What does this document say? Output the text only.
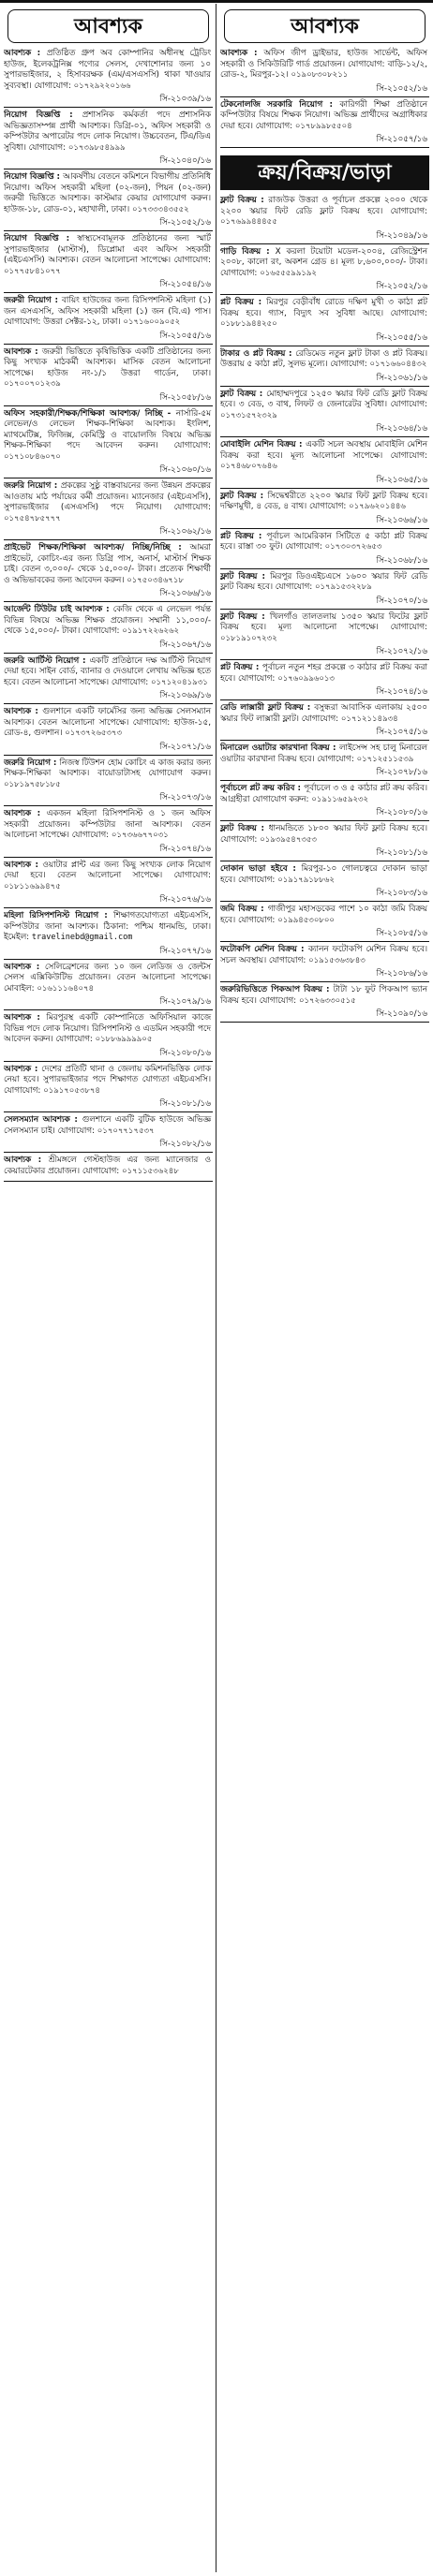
আবশ্যক
আবশ্যক : প্রতিষ্ঠিত গ্রুপ অব কোম্পানির অধীনস্থ ট্রেডিং হাউজ, ইলেকট্রনিক্স পণ্যের সেলস, দেখাশোনার জন্য ১০ সুপারভাইজার, ২ হিসাবরক্ষক (এম/এসএসসি) থাকা খাওয়ার সুব্যবস্থা। যোগাযোগ: ০১৭২৯২২০১৬৬
সি-২১০৩৯/১৬
নিয়োগ বিজ্ঞপ্তি : প্রশাসনিক কর্মকর্তা পদে প্রশাসনিক অভিজ্ঞতাসম্পন্ন প্রার্থী আবশ্যক। ডিগ্রি-০১, অফিস সহকারী ও কম্পিউটার অপারেটর পদে লোক নিয়োগ। উচ্চবেতন, টিএ/ডিএ সুবিধা। যোগাযোগ: ০১৭৩৯৮৫৪৯৯৯
সি-২১০৪০/১৬
নিয়োগ বিজ্ঞপ্তি : আকর্ষণীয় বেতনে কমিশনে বিভাগীয় প্রতিনিধি নিয়োগ। অফিস সহকারী মহিলা (০২-জন), পিয়ন (০২-জন) জরুরী ভিত্তিতে আবশ্যক। কাস্টমার কেয়ার যোগাযোগ করুন। হাউজ-১৮, রোড-০১, মহাখালী, ঢাকা। ০১৭৩৩৩৪৩৫৫২
সি-২১০৫২/১৬
নিয়োগ বিজ্ঞপ্তি : স্বাস্থ্যসেবামূলক প্রতিষ্ঠানের জন্য স্মার্ট সুপারভাইজার (মাস্টার্স), ডিপ্লোমা এবং অফিস সহকারী (এইচএসসি) আবশ্যক। বেতন আলোচনা সাপেক্ষে। যোগাযোগ: ০১৭৭৫৮৪১০৭৭
সি-২১০৫৪/১৬
জরুরী নিয়োগ : বায়িং হাউজের জন্য রিসিপশনিস্ট মহিলা (১) জন এসএসসি, অফিস সহকারী মহিলা (১) জন (বি.এ) পাস। যোগাযোগ: উত্তরা সেক্টর-১২, ঢাকা। ০১৭১৬০০৯০৫২
সি-২১০৫৫/১৬
আবশ্যক : জরুরী ভিত্তিতে কৃষিভিত্তিক একটি প্রতিষ্ঠানের জন্য কিছু সংখ্যক মাঠকর্মী আবশ্যক। মাসিক বেতন আলোচনা সাপেক্ষে। হাউজ নং-১/১ উত্তরা গার্ডেন, ঢাকা। ০১৭০০৭০১২৩৯
সি-২১০৫৮/১৬
অফিস সহকারী/শিক্ষক/শিক্ষিকা আবশ্যক/ নিচ্ছি - নার্সারি-৫ম লেভেল/ও লেভেল শিক্ষক-শিক্ষিকা আবশ্যক। ইংলিশ, ম্যাথমেটিক্স, ফিজিক্স, কেমিস্ট্রি ও বায়োলজি বিষয়ে অভিজ্ঞ শিক্ষক-শিক্ষিকা পদে আবেদন করুন। যোগাযোগ: ০১৭১০৮৪৬০৭০
সি-২১০৬০/১৬
জরুরি নিয়োগ : প্রকল্পের সুষ্ঠু বাস্তবায়নের জন্য উন্নয়ন প্রকল্পের আওতায় মাঠ পর্যায়ের কর্মী প্রয়োজন। ম্যানেজার (এইচএসসি), সুপারভাইজার (এসএসসি) পদে নিয়োগ। যোগাযোগ: ০১৭৫৪৭৮৫৭৭৭
সি-২১০৬২/১৬
প্রাইভেট শিক্ষক/শিক্ষিকা আবশ্যক/ নিচ্ছি/নিচ্ছি : আমরা প্রাইভেট, কোচিং-এর জন্য ডিগ্রি পাস, অনার্স, মাস্টার্স শিক্ষক চাই। বেতন ৩,০০০/- থেকে ১৫,০০০/- টাকা। প্রত্যেক শিক্ষার্থী ও অভিভাবকের জন্য আবেদন করুন। ০১৭৫০৩৪৬৭১৮
সি-২১০৬৬/১৬
আর্জেন্ট টিউটর চাই আবশ্যক : কেজি থেকে এ লেভেল পর্যন্ত বিভিন্ন বিষয়ে অভিজ্ঞ শিক্ষক প্রয়োজন। সম্মানী ১১,০০০/- থেকে ১৫,০০০/- টাকা। যোগাযোগ: ০১৯১৭২২৬২৬২
সি-২১০৬৭/১৬
জরুরি আর্টিস্ট নিয়োগ : একটি প্রতিষ্ঠানে দক্ষ আর্টিস্ট নিয়োগ দেয়া হবে। সাইন বোর্ড, ব্যানার ও দেওয়ালে লেখায় অভিজ্ঞ হতে হবে। বেতন আলোচনা সাপেক্ষে। যোগাযোগ: ০১৭১২০৪১৯৩১
সি-২১০৬৯/১৬
আবশ্যক : গুলশানে একটি ফার্মেসির জন্য অভিজ্ঞ সেলসম্যান আবশ্যক। বেতন আলোচনা সাপেক্ষে। যোগাযোগ: হাউজ-১৫, রোড-৪, গুলশান। ০১৭৩৭২৬৫৩৭৩
সি-২১০৭১/১৬
জরুরি নিয়োগ : নিজস্ব টিউশন হোম কোচিং এ কাজ করার জন্য শিক্ষক-শিক্ষিকা আবশ্যক। বায়োডাটাসহ যোগাযোগ করুন। ০১৮১৯৭৫৮১৮৫
সি-২১০৭৩/১৬
আবশ্যক : একজন মহিলা রিসিপশনিস্ট ও ১ জন অফিস সহকারী প্রয়োজন। কম্পিউটার জানা আবশ্যক। বেতন আলোচনা সাপেক্ষে। যোগাযোগ: ০১৭৩৬৬৭৭০৩১
সি-২১০৭৪/১৬
আবশ্যক : ওয়াটার প্লান্ট এর জন্য কিছু সংখ্যক লোক নিয়োগ দেয়া হবে। বেতন আলোচনা সাপেক্ষে। যোগাযোগ: ০১৮১১৬৯৯৪৭৫
সি-২১০৭৬/১৬
মহিলা রিসিপশনিস্ট নিয়োগ : শিক্ষাগতযোগ্যতা এইচএসসি, কম্পিউটার জানা আবশ্যক। ঠিকানা: পশ্চিম ধানমন্ডি, ঢাকা। ইমেইল: travelinebd@gmail.com
সি-২১০৭৭/১৬
আবশ্যক : সেলিব্রেশনের জন্য ১০ জন লেডিজ ও জেন্টস সেলস এক্সিকিউটিভ প্রয়োজন। বেতন আলোচনা সাপেক্ষে। মোবাইল: ০১৬১১১৬৪০৭৪
সি-২১০৭৯/১৬
আবশ্যক : মিরপুরস্থ একটি কোম্পানিতে অফিসিয়াল কাজে বিভিন্ন পদে লোক নিয়োগ। রিসিপশনিস্ট ও এডমিন সহকারী পদে আবেদন করুন। যোগাযোগ: ০১৮৮৬৯৯৯৯০৫
সি-২১০৮০/১৬
আবশ্যক : দেশের প্রতিটি থানা ও জেলায় কমিশনভিত্তিক লোক নেয়া হবে। সুপারভাইজার পদে শিক্ষাগত যোগ্যতা এইচএসসি। যোগাযোগ: ০১৯১৭০৫৩৮৭৪
সি-২১০৮১/১৬
সেলসম্যান আবশ্যক : গুলশানে একটি বুটিক হাউজে অভিজ্ঞ সেলসম্যান চাই। যোগাযোগ: ০১৭০৭৭১৭৫৩৭
সি-২১০৮২/১৬
আবশ্যক : শ্রীমঙ্গলে গেস্টহাউজ এর জন্য ম্যানেজার ও কেয়ারটেকার প্রয়োজন। যোগাযোগ: ০১৭১১৫৩৬২৪৮
আবশ্যক
আবশ্যক : অফিস জীপ ড্রাইভার, হাউজ সার্ভেন্ট, অফিস সহকারী ও সিকিউরিটি গার্ড প্রয়োজন। যোগাযোগ: বাড়ি-১২/২, রোড-২, মিরপুর-১২। ০১৯০৮৩০৮২১১
সি-২১০৫২/১৬
টেকনোলজি সরকারি নিয়োগ : কারিগরী শিক্ষা প্রতিষ্ঠানে কম্পিউটার বিষয়ে শিক্ষক নিয়োগ। অভিজ্ঞ প্রার্থীদের অগ্রাধিকার দেয়া হবে। যোগাযোগ: ০১৭৮৯৯৮৫৫০৪
সি-২১০৫৭/১৬
ক্রয়/বিক্রয়/ভাড়া
ফ্লাট বিক্রয় : রাজউক উত্তরা ও পূর্বাচল প্রকল্পে ২০০০ থেকে ২২০০ স্কয়ার ফিট রেডি ফ্লাট বিক্রয় হবে। যোগাযোগ: ০১৭৬৯৯৪৪৪৫৫
সি-২১০৪৯/১৬
গাড়ি বিক্রয় : X করলা টয়োটা মডেল-২০০৪, রেজিস্ট্রেশন ২০০৮, কালো রং, অকশন গ্রেড ৪। মূল্য ৮,৬০০,০০০/- টাকা। যোগাযোগ: ০১৬৫৫৫৯৯১৯২
সি-২১০৫২/১৬
প্লট বিক্রয় : মিরপুর বেড়ীবাঁধ রোডে দক্ষিণ মুখী ৩ কাঠা প্লট বিক্রয় হবে। গ্যাস, বিদ্যুৎ সব সুবিধা আছে। যোগাযোগ: ০১৮৮১৯৪৪২৫০
সি-২১০৫৫/১৬
টাকার ও প্লট বিক্রয় : রেডিমেড নতুন ফ্লাট টাকা ও প্লট বিক্রয়। উত্তরায় ৫ কাঠা প্লট, সুলভ মূল্যে। যোগাযোগ: ০১৭১৬৬০৪৪৩২
সি-২১০৬১/১৬
ফ্লাট বিক্রয় : মোহাম্মদপুরে ১২৫০ স্কয়ার ফিট রেডি ফ্লাট বিক্রয় হবে। ৩ বেড, ৩ বাথ, লিফট ও জেনারেটর সুবিধা। যোগাযোগ: ০১৭৩১৫৭২৩২৯
সি-২১০৬৪/১৬
মোবাইলি মেশিন বিক্রয় : একটি সচল অবস্থায় মোবাইলি মেশিন বিক্রয় করা হবে। মূল্য আলোচনা সাপেক্ষে। যোগাযোগ: ০১৭৪৬৮০৭৬৪৬
সি-২১০৬৫/১৬
ফ্লাট বিক্রয় : সিদ্ধেশ্বরীতে ২২০০ স্কয়ার ফিট ফ্লাট বিক্রয় হবে। দক্ষিণমুখী, ৪ বেড, ৪ বাথ। যোগাযোগ: ০১৭৯৬২০১৪৪৬
সি-২১০৬৬/১৬
প্লট বিক্রয় : পূর্বাচল আমেরিকান সিটিতে ৫ কাঠা প্লট বিক্রয় হবে। রাস্তা ৩০ ফুট। যোগাযোগ: ০১৭৩০৩৭২৬৫৩
সি-২১০৬৮/১৬
ফ্লাট বিক্রয় : মিরপুর ডিওএইচএসে ১৬০০ স্কয়ার ফিট রেডি ফ্লাট বিক্রয় হবে। যোগাযোগ: ০১৭৯১৫৩২২৮৯
সি-২১০৭০/১৬
ফ্লাট বিক্রয় : খিলগাঁও তালতলায় ১৩৫০ স্কয়ার ফিটের ফ্লাট বিক্রয় হবে। মূল্য আলোচনা সাপেক্ষে। যোগাযোগ: ০১৮১৯১০৭২৩২
সি-২১০৭২/১৬
প্লট বিক্রয় : পূর্বাচল নতুন শহর প্রকল্পে ৩ কাঠার প্লট বিক্রয় করা হবে। যোগাযোগ: ০১৭৬০৯৯৬০১৩
সি-২১০৭৪/১৬
রেডি লাক্সারী ফ্লাট বিক্রয় : বসুন্ধরা আবাসিক এলাকায় ২৫০০ স্কয়ার ফিট লাক্সারী ফ্লাট। যোগাযোগ: ০১৭১২১১৪৯৩৪
সি-২১০৭৫/১৬
মিনারেল ওয়াটার কারখানা বিক্রয় : লাইসেন্স সহ চালু মিনারেল ওয়াটার কারখানা বিক্রয় হবে। যোগাযোগ: ০১৭১২৫১১৫৩৯
সি-২১০৭৮/১৬
পূর্বাচলে প্লট ক্রয় করিব : পূর্বাচলে ৩ ও ৫ কাঠার প্লট ক্রয় করিব। আগ্রহীরা যোগাযোগ করুন: ০১৯১১৬৫৯২৩২
সি-২১০৮০/১৬
ফ্লাট বিক্রয় : ধানমন্ডিতে ১৮০০ স্কয়ার ফিট ফ্লাট বিক্রয় হবে। যোগাযোগ: ০১৯৩৯৫৪৭৩৫৩
সি-২১০৮১/১৬
দোকান ভাড়া হইবে : মিরপুর-১০ গোলচত্বরে দোকান ভাড়া হবে। যোগাযোগ: ০১৯১৭৯১৮৮৬২
সি-২১০৮৩/১৬
জমি বিক্রয় : গাজীপুর মহাসড়কের পাশে ১০ কাঠা জমি বিক্রয় হবে। যোগাযোগ: ০১৯৯৪৫৩০৮০০
সি-২১০৮৫/১৬
ফটোকপি মেশিন বিক্রয় : ক্যানন ফটোকপি মেশিন বিক্রয় হবে। সচল অবস্থায়। যোগাযোগ: ০১৯১৫৩৬৩৮৪৩
সি-২১০৮৬/১৬
জরুরিভিত্তিতে পিকআপ বিক্রয় : টাটা ১৮ ফুট পিকআপ ভ্যান বিক্রয় হবে। যোগাযোগ: ০১৭২৬৩৩০৫১৫
সি-২১০৯০/১৬
